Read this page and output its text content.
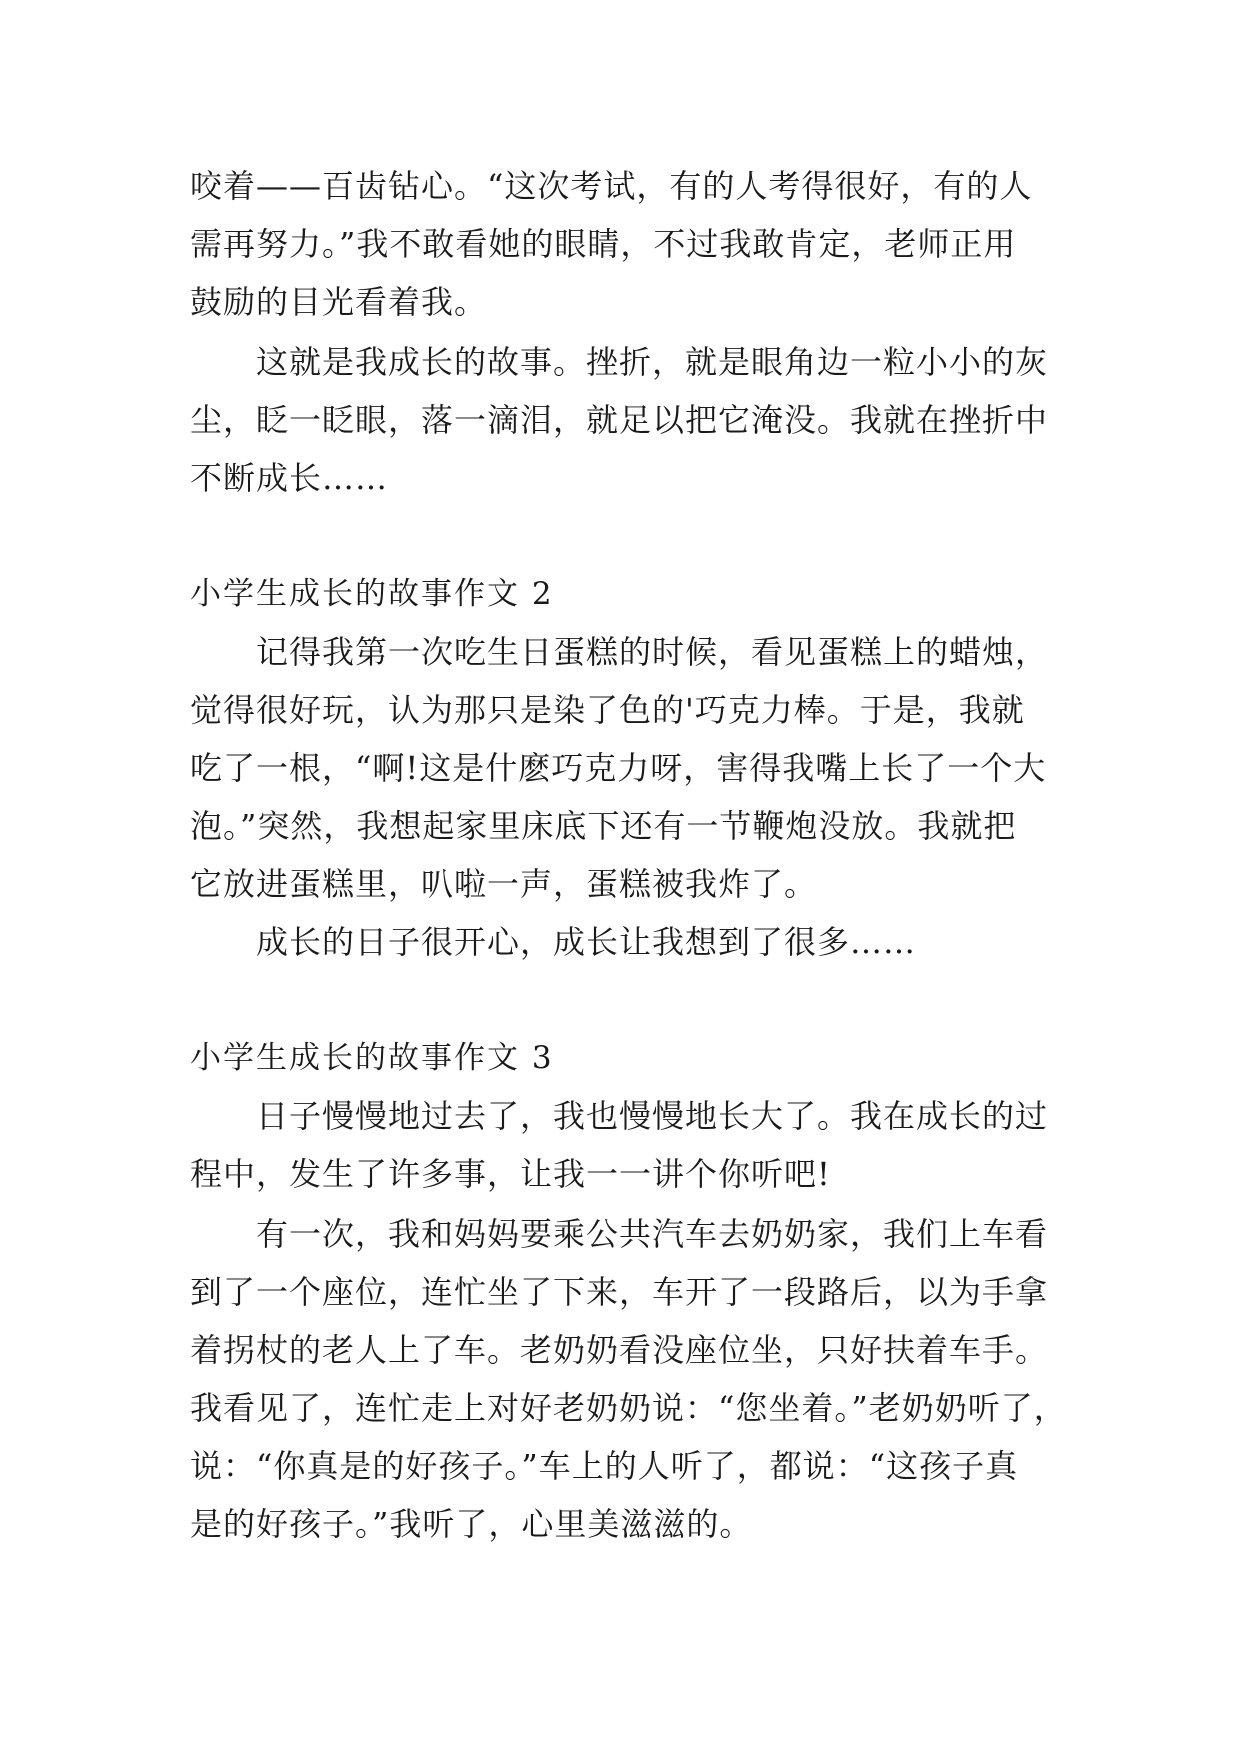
咬着——百齿钻心。“这次考试，有的人考得很好，有的人
需再努力。”我不敢看她的眼睛，不过我敢肯定，老师正用
鼓励的目光看着我。
　　这就是我成长的故事。挫折，就是眼角边一粒小小的灰
尘，眨一眨眼，落一滴泪，就足以把它淹没。我就在挫折中
不断成长……
小学生成长的故事作文 2
　　记得我第一次吃生日蛋糕的时候，看见蛋糕上的蜡烛，
觉得很好玩，认为那只是染了色的'巧克力棒。于是，我就
吃了一根，“啊!这是什麽巧克力呀，害得我嘴上长了一个大
泡。”突然，我想起家里床底下还有一节鞭炮没放。我就把
它放进蛋糕里，叭啦一声，蛋糕被我炸了。
　　成长的日子很开心，成长让我想到了很多……
小学生成长的故事作文 3
　　日子慢慢地过去了，我也慢慢地长大了。我在成长的过
程中，发生了许多事，让我一一讲个你听吧!
　　有一次，我和妈妈要乘公共汽车去奶奶家，我们上车看
到了一个座位，连忙坐了下来，车开了一段路后，以为手拿
着拐杖的老人上了车。老奶奶看没座位坐，只好扶着车手。
我看见了，连忙走上对好老奶奶说：“您坐着。”老奶奶听了，
说：“你真是的好孩子。”车上的人听了，都说：“这孩子真
是的好孩子。”我听了，心里美滋滋的。
